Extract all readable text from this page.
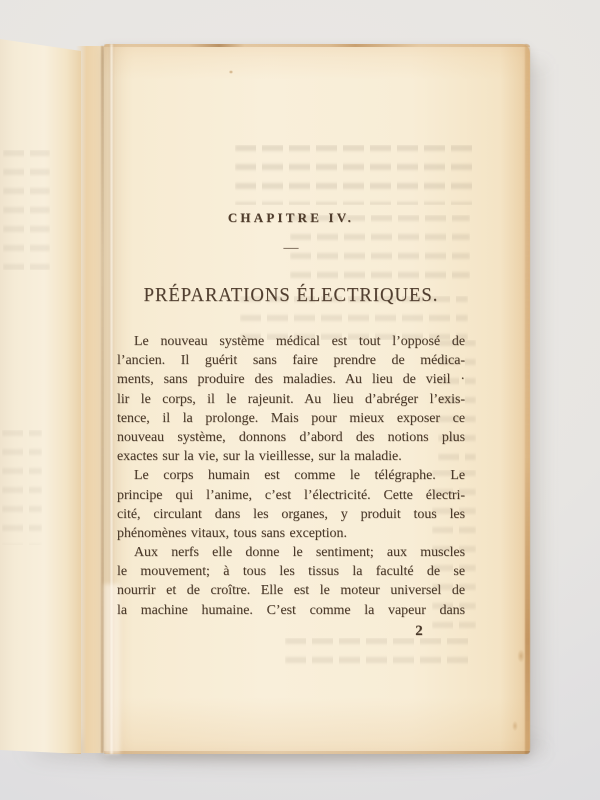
CHAPITRE IV.
—
PRÉPARATIONS ÉLECTRIQUES.
Le nouveau système médical est tout l’opposé de
l’ancien. Il guérit sans faire prendre de médica-
ments, sans produire des maladies. Au lieu de vieil ·
lir le corps, il le rajeunit. Au lieu d’abréger l’exis-
tence, il la prolonge. Mais pour mieux exposer ce
nouveau système, donnons d’abord des notions plus
exactes sur la vie, sur la vieillesse, sur la maladie.
Le corps humain est comme le télégraphe. Le
principe qui l’anime, c’est l’électricité. Cette électri-
cité, circulant dans les organes, y produit tous les
phénomènes vitaux, tous sans exception.
Aux nerfs elle donne le sentiment; aux muscles
le mouvement; à tous les tissus la faculté de se
nourrir et de croître. Elle est le moteur universel de
la machine humaine. C’est comme la vapeur dans
2
